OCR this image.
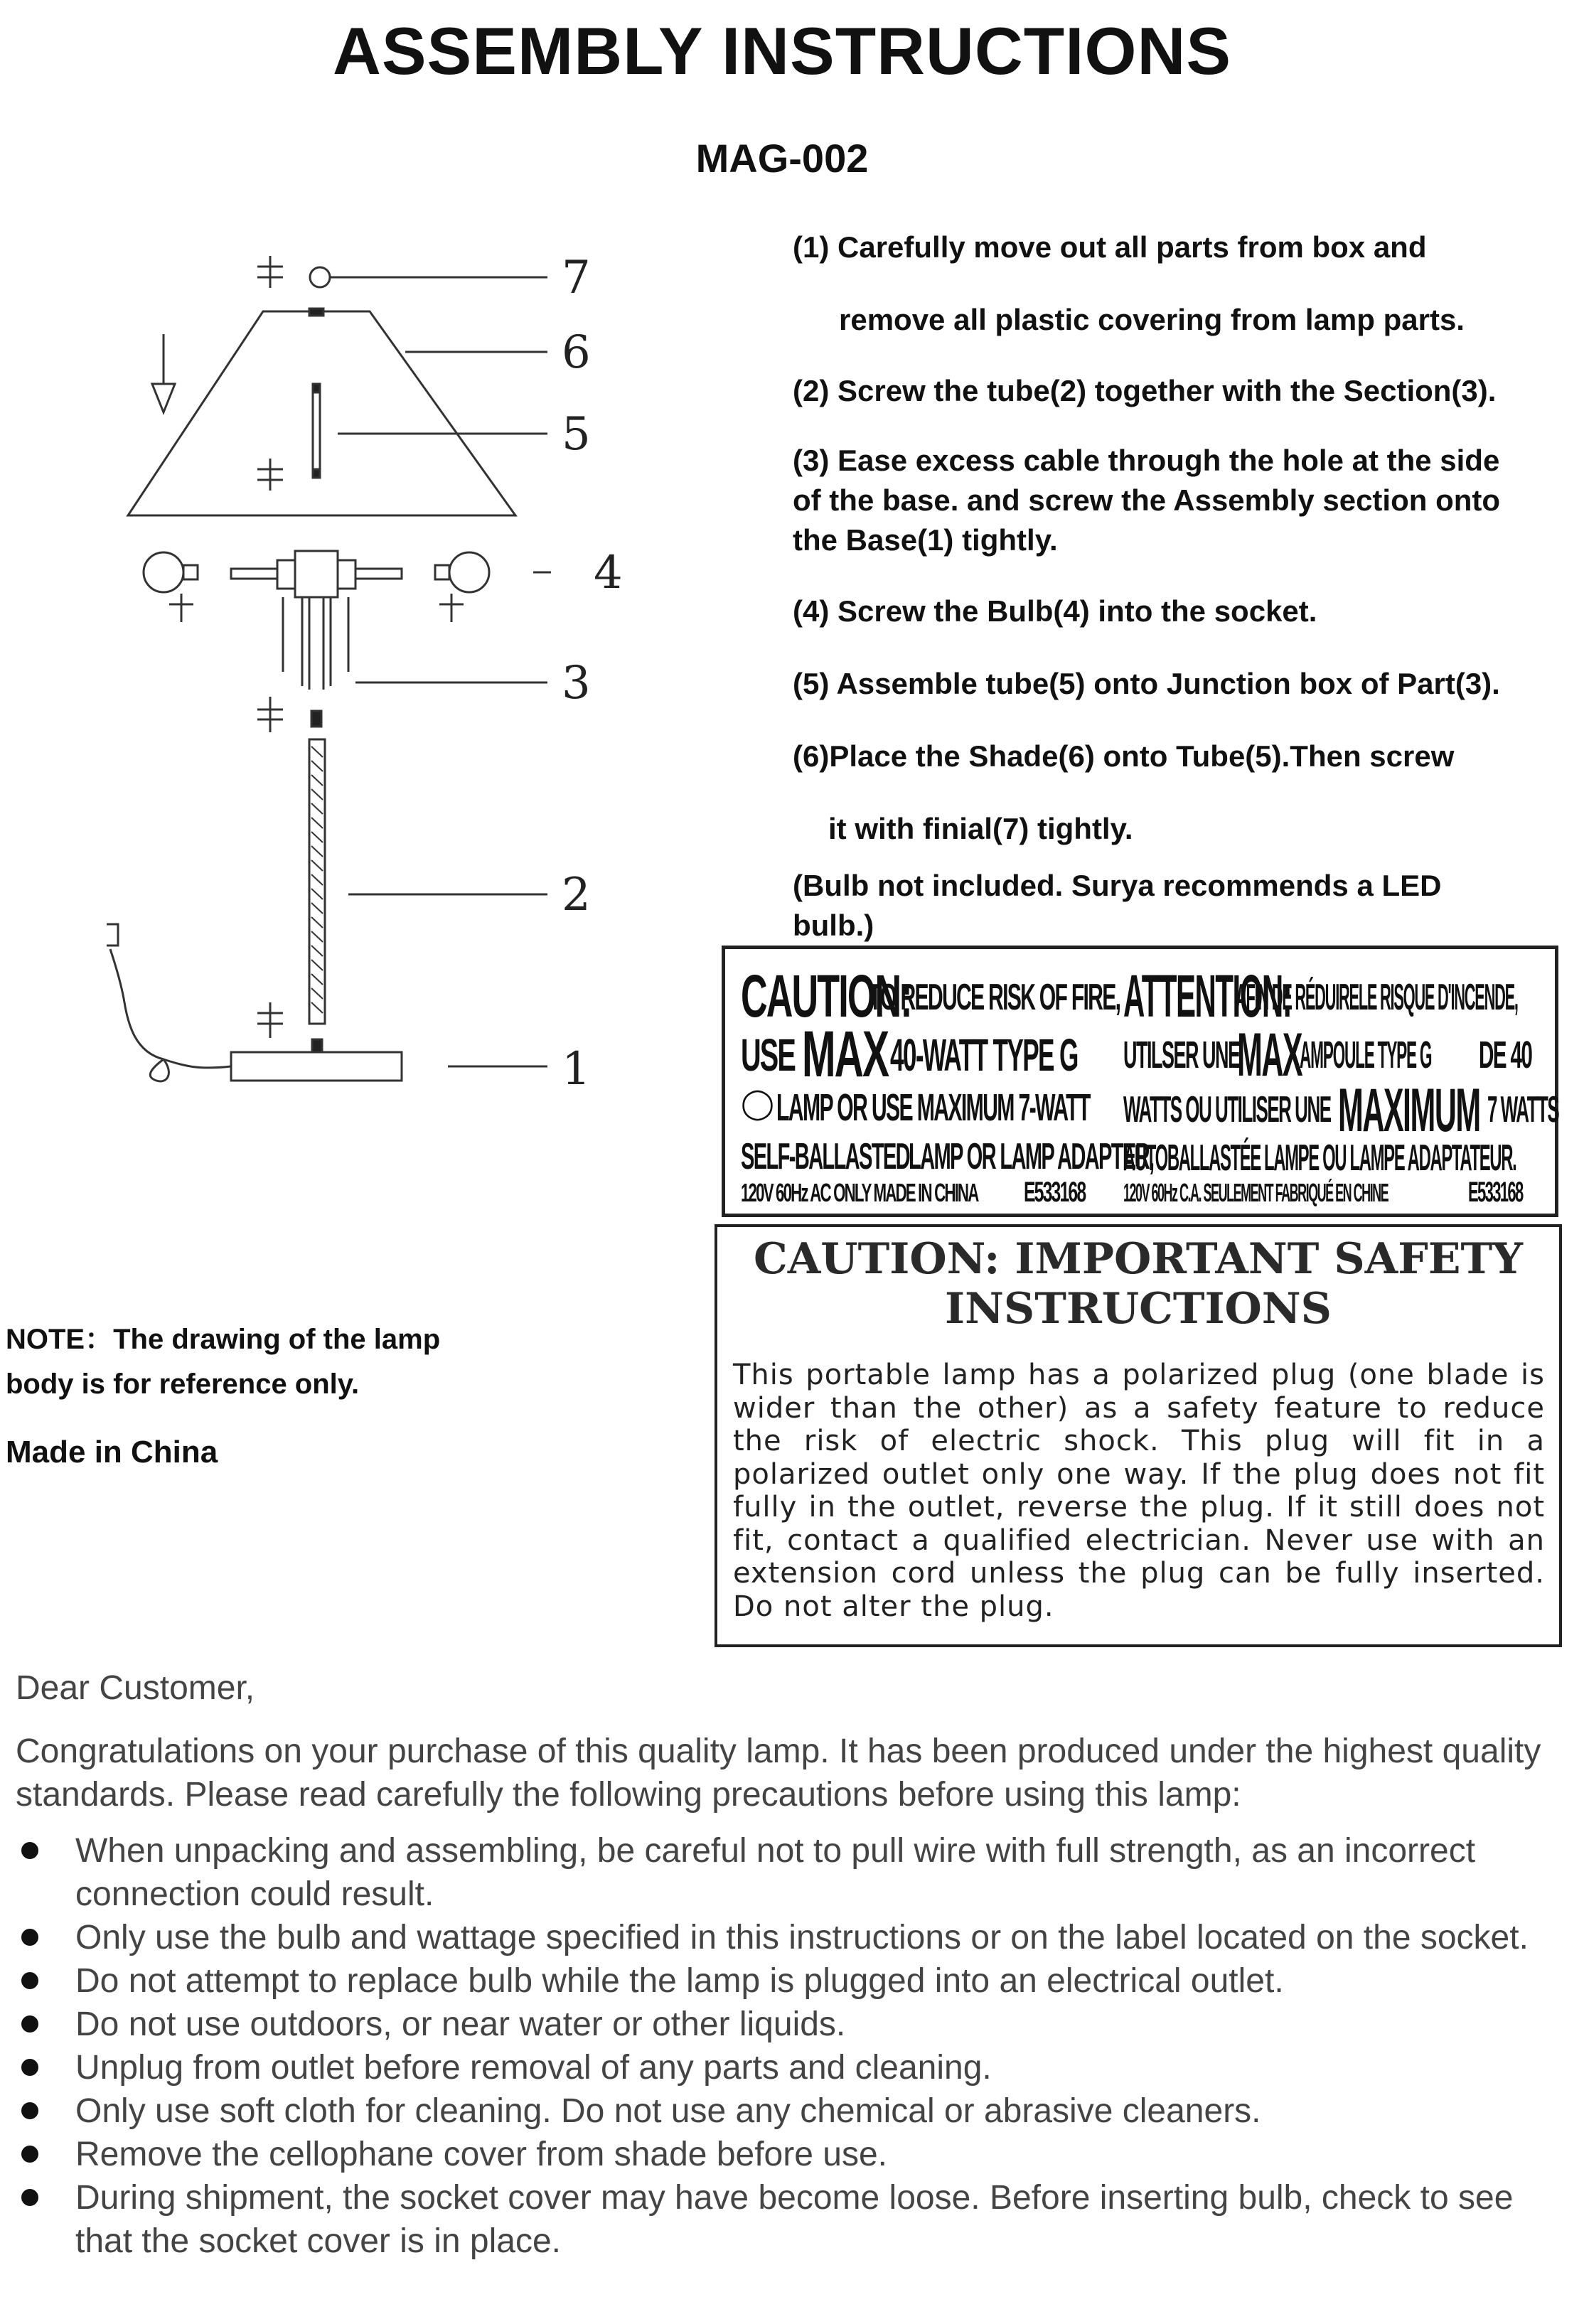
ASSEMBLY INSTRUCTIONS
MAG-002
7
6
5
4
3
2
1
(1) Carefully move out all parts from box and
remove all plastic covering from lamp parts.
(2) Screw the tube(2) together with the Section(3).
(3) Ease excess cable through the hole at the side
of the base. and screw the Assembly section onto
the Base(1) tightly.
(4) Screw the Bulb(4) into the socket.
(5) Assemble tube(5) onto Junction box of Part(3).
(6)Place the Shade(6) onto Tube(5).Then screw
it with finial(7) tightly.
(Bulb not included. Surya recommends a LED
bulb.)
CAUTION:
TO REDUCE RISK OF FIRE,
USE MAX 40-WATT TYPE G
◯ LAMP OR USE MAXIMUM 7-WATT
SELF-BALLASTED LAMP OR LAMP ADAPTER,
120V 60Hz AC ONLY MADE IN CHINA E533168
ATTENTION:
AFIN DE RÉDUIRELE RISQUE D'INCENDE,
UTILSER UNE
MAX
AMPOULE TYPE G DE 40
WATTS OU UTILISER UNE MAXIMUM 7 WATTS
AUTOBALLASTÉE LAMPE OU LAMPE ADAPTATEUR.
120V 60Hz C.A. SEULEMENT FABRIQUÉ EN CHINE	E533168
CAUTION: IMPORTANT SAFETY INSTRUCTIONS
This portable lamp has a polarized plug (one blade is wider than the other) as a safety feature to reduce the risk of electric shock. This plug will fit in a polarized outlet only one way. If the plug does not fit fully in the outlet, reverse the plug. If it still does not fit, contact a qualified electrician. Never use with an extension cord unless the plug can be fully inserted. Do not alter the plug.
NOTE：The drawing of the lamp
body is for reference only.
Made in China
Dear Customer,
Congratulations on your purchase of this quality lamp. It has been produced under the highest quality standards. Please read carefully the following precautions before using this lamp:
When unpacking and assembling, be careful not to pull wire with full strength, as an incorrect connection could result.
Only use the bulb and wattage specified in this instructions or on the label located on the socket.
Do not attempt to replace bulb while the lamp is plugged into an electrical outlet.
Do not use outdoors, or near water or other liquids.
Unplug from outlet before removal of any parts and cleaning.
Only use soft cloth for cleaning. Do not use any chemical or abrasive cleaners.
Remove the cellophane cover from shade before use.
During shipment, the socket cover may have become loose. Before inserting bulb, check to see that the socket cover is in place.
